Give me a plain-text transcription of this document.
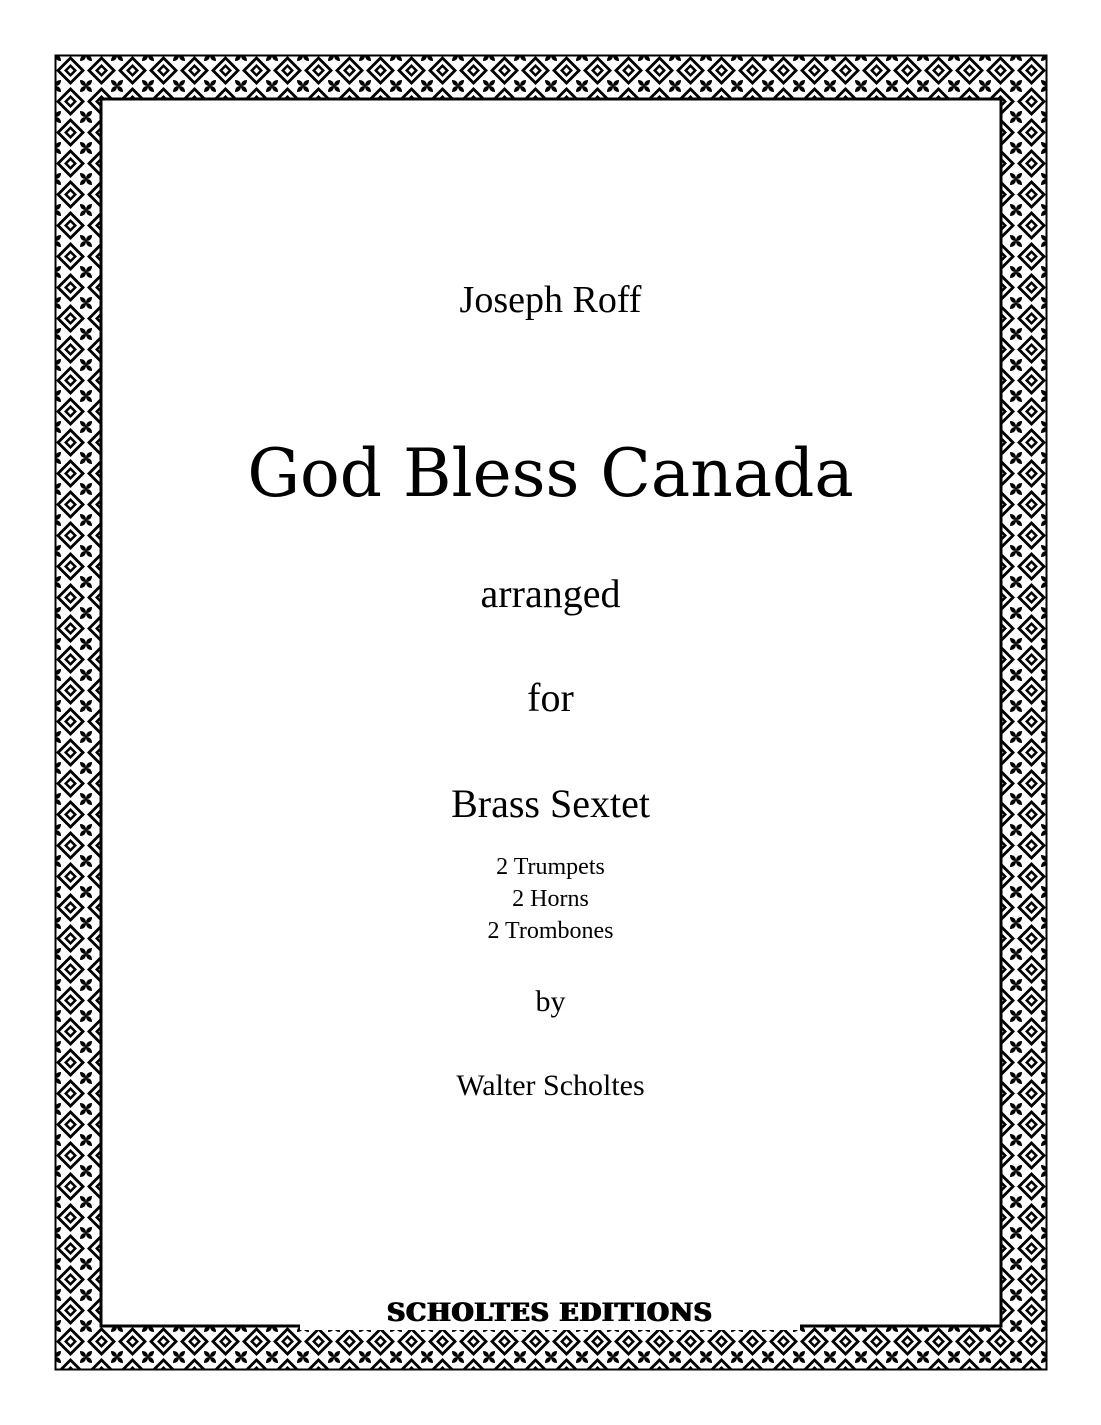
Joseph Roff
God Bless Canada
arranged
for
Brass Sextet
2 Trumpets
2 Horns
2 Trombones
by
Walter Scholtes
SCHOLTES EDITIONS
